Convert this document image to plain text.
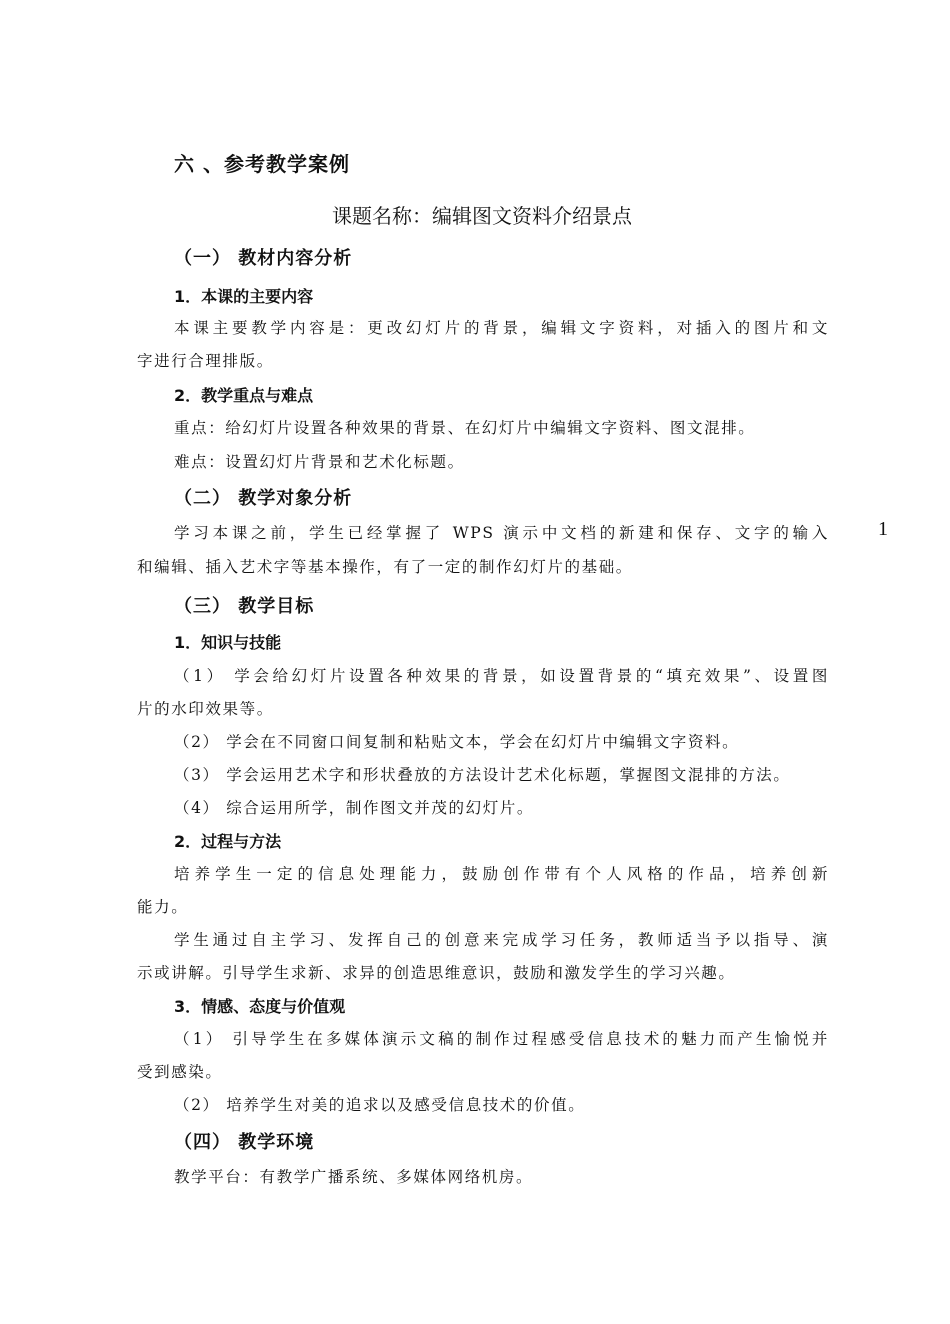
六 、参考教学案例
课题名称：编辑图文资料介绍景点
（一） 教材内容分析
1．本课的主要内容
本课主要教学内容是：更改幻灯片的背景，编辑文字资料，对插入的图片和文
字进行合理排版。
2．教学重点与难点
重点：给幻灯片设置各种效果的背景、在幻灯片中编辑文字资料、图文混排。
难点：设置幻灯片背景和艺术化标题。
（二） 教学对象分析
学习本课之前，学生已经掌握了 WPS 演示中文档的新建和保存、文字的输入
和编辑、插入艺术字等基本操作，有了一定的制作幻灯片的基础。
1
（三） 教学目标
1．知识与技能
（1） 学会给幻灯片设置各种效果的背景，如设置背景的“填充效果”、设置图
片的水印效果等。
（2） 学会在不同窗口间复制和粘贴文本，学会在幻灯片中编辑文字资料。
（3） 学会运用艺术字和形状叠放的方法设计艺术化标题，掌握图文混排的方法。
（4） 综合运用所学，制作图文并茂的幻灯片。
2．过程与方法
培养学生一定的信息处理能力，鼓励创作带有个人风格的作品，培养创新
能力。
学生通过自主学习、发挥自己的创意来完成学习任务，教师适当予以指导、演
示或讲解。引导学生求新、求异的创造思维意识，鼓励和激发学生的学习兴趣。
3．情感、态度与价值观
（1） 引导学生在多媒体演示文稿的制作过程感受信息技术的魅力而产生愉悦并
受到感染。
（2） 培养学生对美的追求以及感受信息技术的价值。
（四） 教学环境
教学平台：有教学广播系统、多媒体网络机房。
